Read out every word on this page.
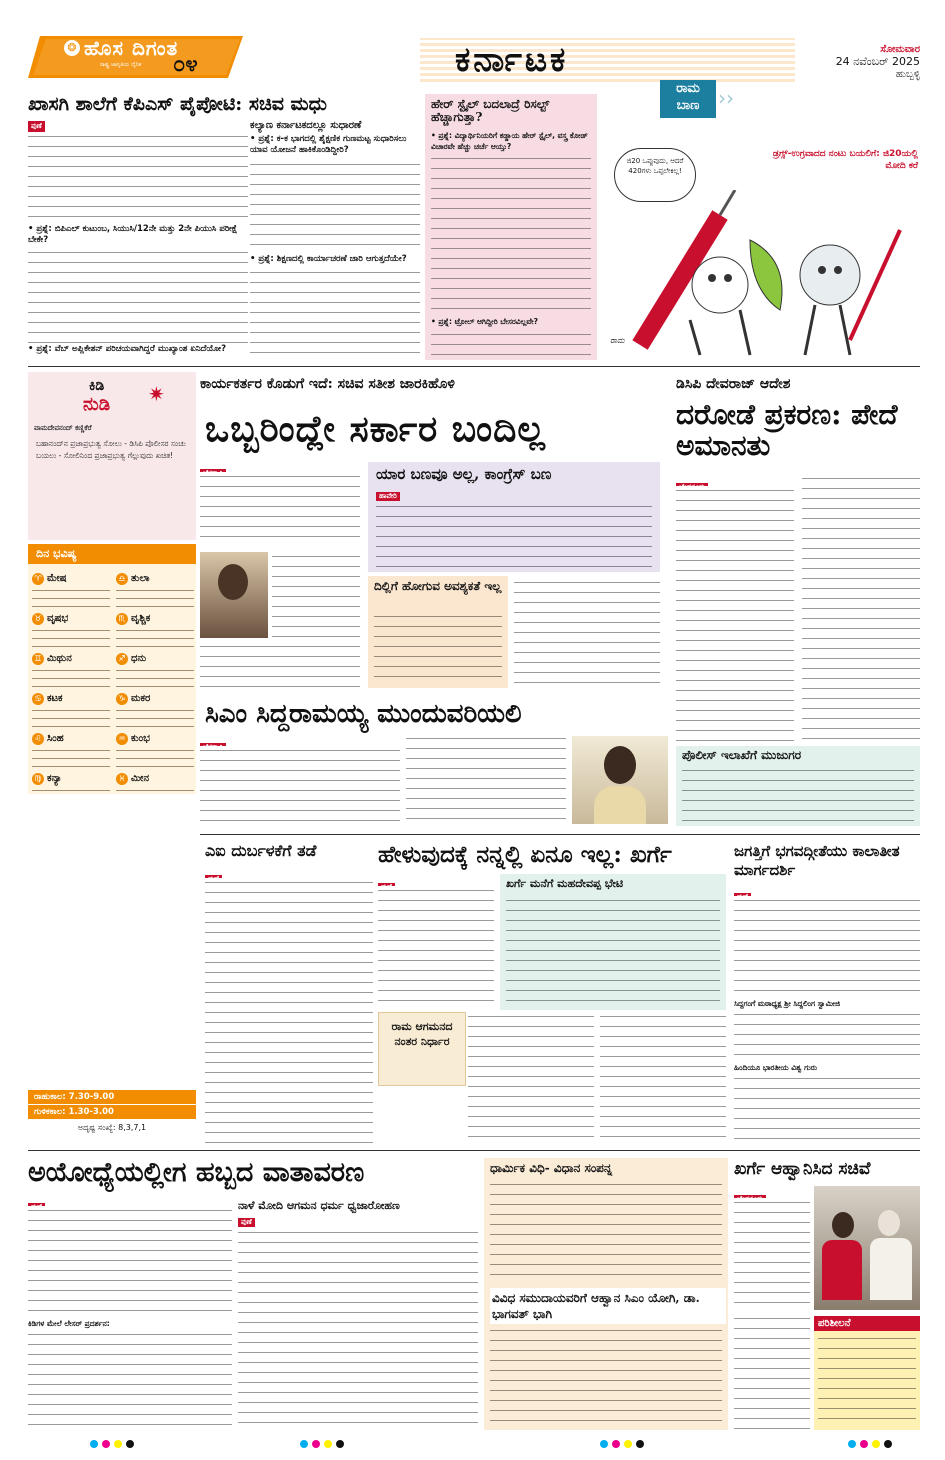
❂ ಹೊಸ ದಿಗಂತ
ರಾಷ್ಟ್ರ ಜಾಗೃತಿಯ ದೈನಿಕ ೦೪	ಕರ್ನಾಟಕ	ಸೋಮವಾರ
24 ನವೆಂಬರ್ 2025
ಹುಬ್ಬಳ್ಳಿ
ಖಾಸಗಿ ಶಾಲೆಗೆ ಕೆಪಿಎಸ್ ಪೈಪೋಟಿ: ಸಚಿವ ಮಧು
ಪುಣೆ
• ಪ್ರಶ್ನೆ: ಬಿಪಿಎಲ್ ಕುಟುಂಬ, ಸಿಯುಸಿ/12ನೇ ಮತ್ತು 2ನೇ ಪಿಯುಸಿ ಪರೀಕ್ಷೆ ಬೇಕೇ?
• ಪ್ರಶ್ನೆ: ವೆಬ್ ಅಪ್ಲಿಕೇಶನ್ ಪರಿಚಯವಾಗಿದ್ದರೆ ಮುಖ್ಯಾಂಶ ಏನಿದೆಯೋ?
ಕಲ್ಯಾಣ ಕರ್ನಾಟಕದಲ್ಲೂ ಸುಧಾರಣೆ
• ಪ್ರಶ್ನೆ: ಕ-ಕ ಭಾಗದಲ್ಲಿ ಶೈಕ್ಷಣಿಕ ಗುಣಮಟ್ಟ ಸುಧಾರಿಸಲು ಯಾವ ಯೋಜನೆ ಹಾಕಿಕೊಂಡಿದ್ದೀರಿ?
• ಪ್ರಶ್ನೆ: ಶಿಕ್ಷಣದಲ್ಲಿ ಕಾರ್ಯಾಚರಣೆ ಜಾರಿ ಆಗುತ್ತದೆಯೇ?
ಹೇರ್ ಸ್ಟೈಲ್ ಬದಲಾದ್ರೆ ರಿಸಲ್ಟ್ ಹೆಚ್ಚಾಗುತ್ತಾ?
• ಪ್ರಶ್ನೆ: ವಿದ್ಯಾರ್ಥಿನಿಯರಿಗೆ ಕಡ್ಡಾಯ ಹೇರ್ ಸ್ಟೈಲ್, ವಸ್ತ್ರ ಕೋಡ್ ವಿಚಾರವೇ ಹೆಚ್ಚು ಚರ್ಚೆ ಆಯ್ತು?
• ಪ್ರಶ್ನೆ: ಟ್ರೋಲ್ ಆಗಿದ್ದೀರಿ ಬೇಸರವಿಲ್ಲವೇ?
ರಾಮ
ಬಾಣ ››
ಡ್ರಗ್ಸ್-ಉಗ್ರವಾದದ ನಂಟು ಬಯಲಿಗೆ: ಜಿ20ಯಲ್ಲಿ ಮೋದಿ ಕರೆ
ಜಿ20 ಒಪ್ಪುವುದು, ಆದರೆ 420ಗಳು ಒಪ್ಪಲೇಕಿಲ್ಲ!
ರಾಮ
ಕಿಡಿ
ನುಡಿ ✷
ವಾಮದೇವನಂದ್ ಕಣ್ಣಿಕೆರೆ
ಬಹಾನಂದ್‌ನ ಪ್ರಜಾಪ್ರಭುತ್ವ ಸೋಲು - ಡಿಸಿಪಿ ಪೊಲೀಸರ ಸಂಚು ಬಯಲು - ಸೋಲಿನಿಂದ ಪ್ರಜಾಪ್ರಭುತ್ವ ಗೆಲ್ಲುವುದು ಖಚಿತ!
ದಿನ ಭವಿಷ್ಯ
♈ ಮೇಷ	♎ ತುಲಾ
♉ ವೃಷಭ	♏ ವೃಶ್ಚಿಕ
♊ ಮಿಥುನ	♐ ಧನು
♋ ಕಟಕ	♑ ಮಕರ
♌ ಸಿಂಹ	♒ ಕುಂಭ
♍ ಕನ್ಯಾ	♓ ಮೀನ
ರಾಹುಕಾಲ: 7.30-9.00
ಗುಳಿಕಕಾಲ: 1.30-3.00
ಅದೃಷ್ಟ ಸಂಖ್ಯೆ: 8,3,7,1
ಕಾರ್ಯಕರ್ತರ ಕೊಡುಗೆ ಇದೆ: ಸಚಿವ ಸತೀಶ ಜಾರಕಿಹೊಳಿ
ಒಬ್ಬರಿಂದ್ಲೇ ಸರ್ಕಾರ ಬಂದಿಲ್ಲ
ಯಾರ ಬಣವೂ ಅಲ್ಲ, ಕಾಂಗ್ರೆಸ್ ಬಣ
ಹಾವೇರಿ
ದಿಲ್ಲಿಗೆ ಹೋಗುವ ಅವಶ್ಯಕತೆ ಇಲ್ಲ
ಡಿಸಿಪಿ ದೇವರಾಜ್ ಆದೇಶ
ದರೋಡೆ ಪ್ರಕರಣ: ಪೇದೆ ಅಮಾನತು
ಪೊಲೀಸ್ ಇಲಾಖೆಗೆ ಮುಜುಗರ
ಸಿಎಂ ಸಿದ್ದರಾಮಯ್ಯ ಮುಂದುವರಿಯಲಿ
ಎಐ ದುರ್ಬಳಕೆಗೆ ತಡೆ	ಹೇಳುವುದಕ್ಕೆ ನನ್ನಲ್ಲಿ ಏನೂ ಇಲ್ಲ: ಖರ್ಗೆ
ಖರ್ಗೆ ಮನೆಗೆ ಮಹದೇವಪ್ಪ ಭೇಟಿ
ರಾಮ ಆಗಮನದ ನಂತರ ನಿರ್ಧಾರ
ಜಗತ್ತಿಗೆ ಭಗವದ್ಗೀತೆಯು ಕಾಲಾತೀತ ಮಾರ್ಗದರ್ಶಿ
ಸಿದ್ದಗಂಗೆ ಮಠಾಧ್ಯಕ್ಷ ಶ್ರೀ ಸಿದ್ದಲಿಂಗ ಸ್ವಾಮೀಜಿ
ಹಿಂದಿಯೂ ಭಾರತೀಯ ವಿಶ್ವ ಗುರು
ಅಯೋಧ್ಯೆಯಲ್ಲೀಗ ಹಬ್ಬದ ವಾತಾವರಣ
ಕಿಡಿಗಳ ಮೇಲೆ ಲೇಸರ್ ಪ್ರದರ್ಶನ:
ನಾಳೆ ಮೋದಿ ಆಗಮನ ಧರ್ಮ ಧ್ವಜಾರೋಹಣ
ಪುಣೆ
ಧಾರ್ಮಿಕ ವಿಧಿ- ವಿಧಾನ ಸಂಪನ್ನ
ವಿವಿಧ ಸಮುದಾಯವರಿಗೆ ಆಹ್ವಾನ ಸಿಎಂ ಯೋಗಿ, ಡಾ. ಭಾಗವತ್ ಭಾಗಿ
ಖರ್ಗೆ ಆಹ್ವಾನಿಸಿದ ಸಚಿವೆ
ಪರಿಶೀಲನೆ
